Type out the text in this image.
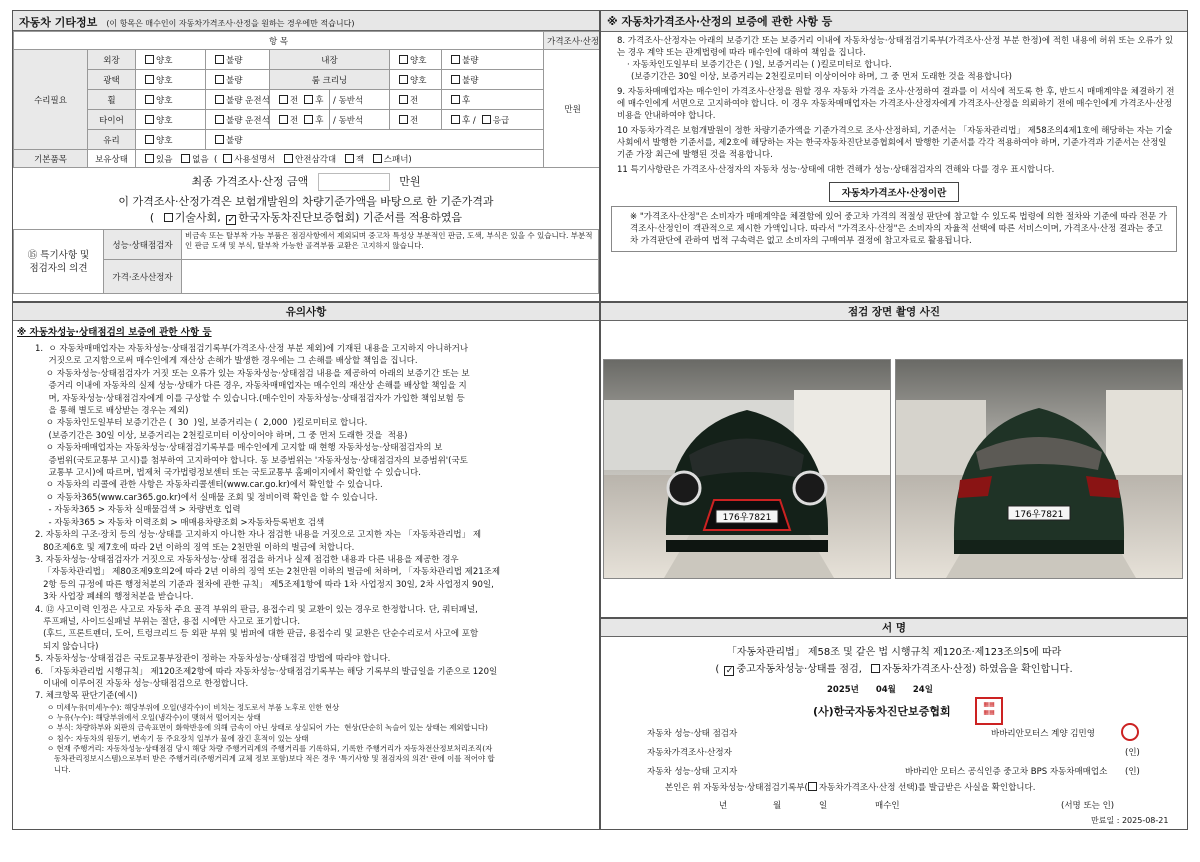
자동차 기타정보 (이 항목은 매수인이 자동차가격조사·산정을 원하는 경우에만 적습니다)
항 목								가격조사·산정
수리필요	외장	양호	불량	내장		양호	불량	만원
	광택	양호	불량	룸 크리닝		양호	불량	
	휠	양호	불량 운전석	전 후	/ 동반석	전	후	
	타이어	양호	불량 운전석	전 후	/ 동반석	전	후 / 응급	
	유리	양호	불량					
기본품목	보유상태	있음 없음  ( 사용설명서 안전삼각대 잭 스패너)						
최종 가격조사·산정 금액	만원
이 가격조사·산정가격은 보험개발원의 차량기준가액을 바탕으로 한 기준가격과
( 기술사회, ✓ 한국자동차진단보증협회) 기준서를 적용하였음
⑮ 특기사항 및
점검자의 의견	성능·상태점검자	비금속 또는 탈부착 가능 부품은 점검사항에서 제외되며 중고차 특성상 부분적인 판금, 도색, 부식은 있을 수 있습니다. 부분적인 판금 도색 및 부식, 탈부착 가능한 골격부품 교환은 고지하지 않습니다.
	가격·조사산정자	
※ 자동차가격조사·산정의 보증에 관한 사항 등
8. 가격조사·산정자는 아래의 보증기간 또는 보증거리 이내에 자동차성능·상태점검기록부(가격조사·산정 부분 한정)에 적힌 내용에 허위 또는 오류가 있는 경우 계약 또는 관계법령에 따라 매수인에 대하여 책임을 집니다.
· 자동차인도일부터 보증기간은 ( )일, 보증거리는 ( )킬로미터로 합니다.
(보증기간은 30일 이상, 보증거리는 2천킬로미터 이상이어야 하며, 그 중 먼저 도래한 것을 적용합니다)
9. 자동차매매업자는 매수인이 가격조사·산정을 원할 경우 자동차 가격을 조사·산정하여 결과를 이 서식에 적도록 한 후, 반드시 매매계약을 체결하기 전에 매수인에게 서면으로 고지하여야 합니다. 이 경우 자동차매매업자는 가격조사·산정자에게 가격조사·산정을 의뢰하기 전에 매수인에게 가격조사·산정 비용을 안내하여야 합니다.
10 자동차가격은 보험개발원이 정한 차량기준가액을 기준가격으로 조사·산정하되, 기준서는 「자동차관리법」 제58조의4제1호에 해당하는 자는 기술사회에서 발행한 기준서를, 제2호에 해당하는 자는 한국자동차진단보증협회에서 발행한 기준서를 각각 적용하여야 하며, 기준가격과 기준서는 산정일 기준 가장 최근에 발행된 것을 적용합니다.
11 특기사항란은 가격조사·산정자의 자동차 성능·상태에 대한 견해가 성능·상태점검자의 견해와 다를 경우 표시합니다.
자동차가격조사·산정이란
※ "가격조사·산정"은 소비자가 매매계약을 체결함에 있어 중고차 가격의 적절성 판단에 참고할 수 있도록 법령에 의한 절차와 기준에 따라 전문 가격조사·산정인이 객관적으로 제시한 가액입니다. 따라서 "가격조사·산정"은 소비자의 자율적 선택에 따른 서비스이며, 가격조사·산정 결과는 중고차 가격판단에 관하여 법적 구속력은 없고 소비자의 구매여부 결정에 참고자료로 활용됩니다.
유의사항
※ 자동차성능·상태점검의 보증에 관한 사항 등
1.  ㅇ 자동차매매업자는 자동차성능·상태점검기록부(가격조사·산정 부분 제외)에 기재된 내용을 고지하지 아니하거나
거짓으로 고지함으로써 매수인에게 재산상 손해가 발생한 경우에는 그 손해를 배상할 책임을 집니다.
ㅇ 자동차성능·상태점검자가 거짓 또는 오류가 있는 자동차성능·상태점검 내용을 제공하여 아래의 보증기간 또는 보
증거리 이내에 자동차의 실제 성능·상태가 다른 경우, 자동차매매업자는 매수인의 재산상 손해를 배상할 책임을 지
며, 자동차성능·상태점검자에게 이를 구상할 수 있습니다.(매수인이 자동차성능·상태점검자가 가입한 책임보험 등
을 통해 별도로 배상받는 경우는 제외)
ㅇ 자동차인도일부터 보증기간은 (  30  )일, 보증거리는 (  2,000  )킬로미터로 합니다.
(보증기간은 30일 이상, 보증거리는 2천킬로미터 이상이어야 하며, 그 중 먼저 도래한 것을  적용)
ㅇ 자동차매매업자는 자동차성능·상태점검기록부를 매수인에게 고지할 때 현행 자동차성능·상태점검자의 보
증범위(국토교통부 고시)를 첨부하여 고지하여야 합니다. 동 보증범위는 '자동차성능·상태점검자의 보증범위'(국토
교통부 고시)에 따르며, 법제처 국가법령정보센터 또는 국토교통부 홈페이지에서 확인할 수 있습니다.
ㅇ 자동차의 리콜에 관한 사항은 자동차리콜센터(www.car.go.kr)에서 확인할 수 있습니다.
ㅇ 자동차365(www.car365.go.kr)에서 실매물 조회 및 정비이력 확인을 할 수 있습니다.
- 자동차365 > 자동차 실매물검색 > 차량번호 입력
- 자동차365 > 자동차 이력조회 > 매매용차량조회 >자동차등록번호 검색
2. 자동차의 구조·장치 등의 성능·상태를 고지하지 아니한 자나 점검한 내용을 거짓으로 고지한 자는 「자동차관리법」 제
80조제6호 및 제7호에 따라 2년 이하의 징역 또는 2천만원 이하의 벌금에 처합니다.
3. 자동차성능·상태점검자가 거짓으로 자동차성능·상태 점검을 하거나 실제 점검한 내용과 다른 내용을 제공한 경우
「자동차관리법」 제80조제9호의2에 따라 2년 이하의 징역 또는 2천만원 이하의 벌금에 처하며, 「자동차관리법 제21조제
2항 등의 규정에 따른 행정처분의 기준과 절차에 관한 규칙」 제5조제1항에 따라 1차 사업정지 30일, 2차 사업정지 90일,
3차 사업장 폐쇄의 행정처분을 받습니다.
4. ⑫ 사고이력 인정은 사고로 자동차 주요 골격 부위의 판금, 용접수리 및 교환이 있는 경우로 한정합니다. 단, 쿼터패널,
루프패널, 사이드실패널 부위는 절단, 용접 시에만 사고로 표기합니다.
(후드, 프론트펜더, 도어, 트렁크리드 등 외판 부위 및 범퍼에 대한 판금, 용접수리 및 교환은 단순수리로서 사고에 포함
되지 않습니다)
5. 자동차성능·상태점검은 국토교통부장관이 정하는 자동차성능·상태점검 방법에 따라야 합니다.
6. 「자동차관리법 시행규칙」 제120조제2항에 따라 자동차성능·상태점검기록부는 해당 기록부의 발급일을 기준으로 120일
이내에 이루어진 자동차 성능·상태점검으로 한정합니다.
7. 체크항목 판단기준(예시)
ㅇ 미세누유(미세누수): 해당부위에 오일(냉각수)이 비치는 정도로서 부품 노후로 인한 현상
ㅇ 누유(누수): 해당부위에서 오일(냉각수)이 맺혀서 떨어지는 상태
ㅇ 부식: 차량하부와 외판의 금속표면이 화학반응에 의해 금속이 아닌 상태로 상실되어 가는  현상(단순히 녹슬어 있는 상태는 제외합니다)
ㅇ 침수: 자동차의 원동기, 변속기 등 주요장치 일부가 물에 잠긴 흔적이 있는 상태
ㅇ 현재 주행거리: 자동차성능·상태점검 당시 해당 차량 주행거리계의 주행거리를 기록하되, 기록한 주행거리가 자동차전산정보처리조직(자
동차관리정보시스템)으로부터 받은 주행거리(주행거리계 교체 정보 포함)보다 적은 경우 '특기사항 및 점검자의 의견' 란에 이를 적어야 합
니다.
점검 장면 촬영 사진
176우7821	176우7821
서 명
「자동차관리법」 제58조 및 같은 법 시행규칙 제120조·제123조의5에 따라
( ✓ 중고자동차성능·상태를 점검, 자동차가격조사·산정) 하였음을 확인합니다.
2025년 04월 24일
(사)한국자동차진단보증협회
▦▦
▦▦
자동차 성능·상태 점검자	바바리안모터스 계양 김민영
자동차가격조사·산정자	(인)
자동차 성능·상태 고지자	바바리안 모터스 공식인증 중고차 BPS 자동차매매업소 (인)
본인은 위 자동차성능·상태점검기록부( 자동차가격조사·산정 선택)를 발급받은 사실을 확인합니다.
년	월	일	매수인	(서명 또는 인)
만료일 : 2025-08-21
